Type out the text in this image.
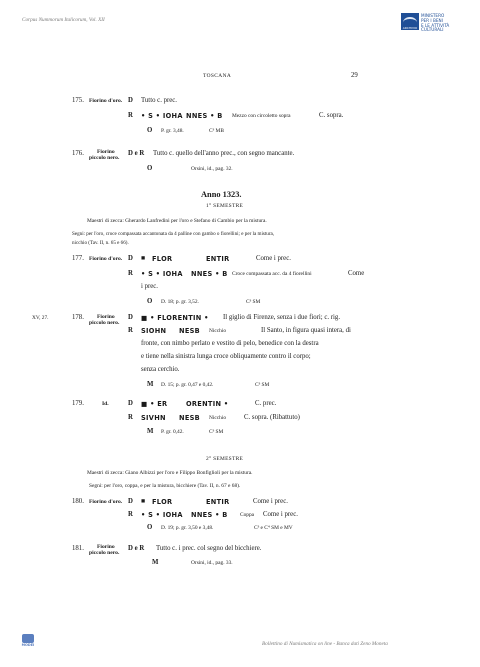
Corpus Nummorum Italicorum, Vol. XII
ARCHIVIO
MINISTERO
PER I BENI
E LE ATTIVITÀ
CULTURALI
TOSCANA	29
175. Fiorino d'oro. D Tutto c. prec.
R • S • IOHA NNES • B Mezzo con circoletto sopra	C. sopra.
O P. gr. 3,48.	C³ MB
176. Fiorino
piccolo nero.
D e R Tutto c. quello dell'anno prec., con segno mancante.
O	Orsini, id., pag. 32.
Anno 1323.
1° SEMESTRE
Maestri di zecca: Gherardo Lanfredini per l'oro e Stefano di Cambio per la mistura.
Segni: per l'oro, croce compassata accantonata da 4 palline con gambo o fiorellini; e per la mistura,
nicchio (Tav. II, n. 65 e 66).
177. Fiorino d'oro. D ■ FLOR	ENTIR	Come i prec.
R • S • IOHA NNES • B Croce compassata acc. da 4 fiorellini	Come
i prec.
O D. 18; p. gr. 3,52.	C³ SM
XV, 27.	178. Fiorino
piccolo nero.
D ■ • FLORENTIN • Il giglio di Firenze, senza i due fiori; c. rig.
R SIOHN NESB Nicchio	Il Santo, in figura quasi intera, di
fronte, con nimbo perlato e vestito di pelo, benedice con la destra
e tiene nella sinistra lunga croce obliquamente contro il corpo;
senza cerchio.
M D. 15; p. gr. 0,47 e 0,42.	C³ SM
179.	Id.	D ■ • ER	ORENTIN •	C. prec.
R SIVHN NESB Nicchio	C. sopra. (Ribattuto)
M P. gr. 0,42.	C³ SM
2° SEMESTRE
Maestri di zecca: Giano Albizzi per l'oro e Filippo Bonfiglioli per la mistura.
Segni: per l'oro, coppa, e per la mistura, bicchiere (Tav. II, n. 67 e 68).
180. Fiorino d'oro. D ■ FLOR	ENTIR	Come i prec.
R • S • IOHA NNES • B Coppa Come i prec.
O D. 19; p. gr. 3,50 e 3,48.	C³ e C⁴ SM e MV
181. Fiorino
piccolo nero.
D e R Tutto c. i prec. col segno del bicchiere.
M	Orsini, id., pag. 33.
MODEI	Bollettino di Numismatica on line - Banca dati Zeno Moneta
